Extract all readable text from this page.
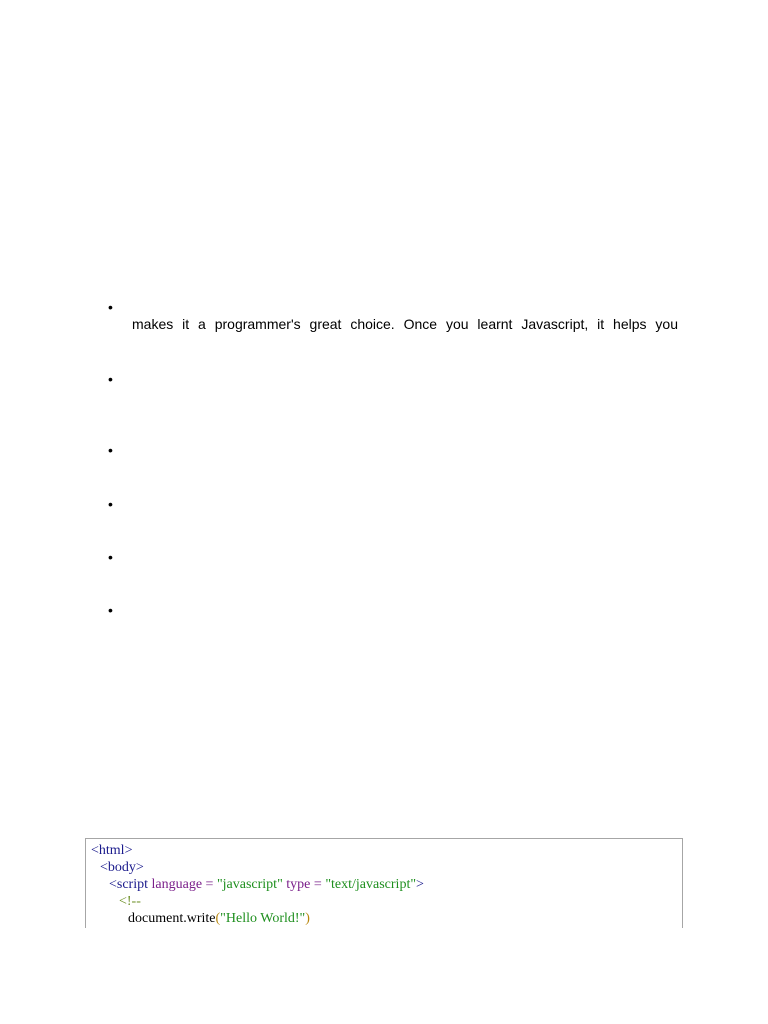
•
makes it a programmer's great choice. Once you learnt Javascript, it helps you
•
•
•
•
•
<html>
<body>
<script language = "javascript" type = "text/javascript">
<!--
document.write("Hello World!")
